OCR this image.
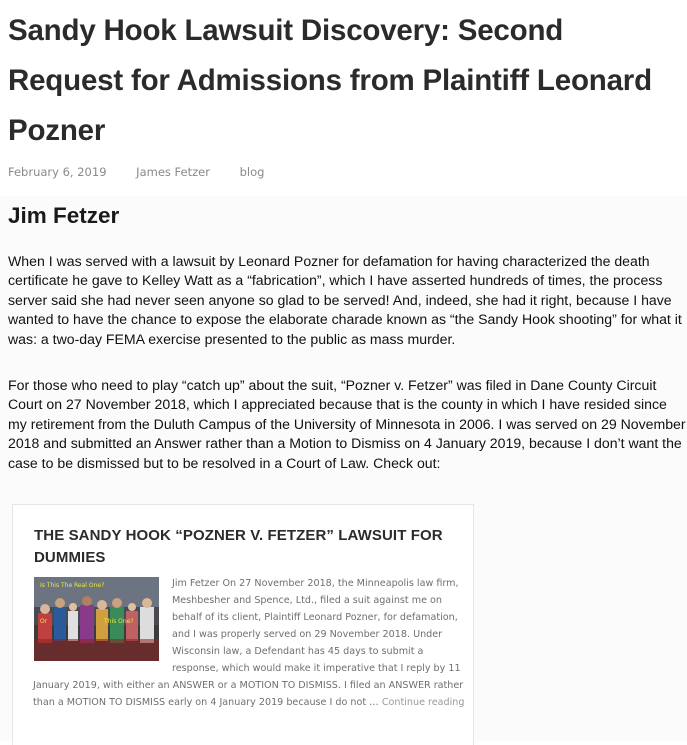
Sandy Hook Lawsuit Discovery: Second Request for Admissions from Plaintiff Leonard Pozner
February 6, 2019	James Fetzer	blog
Jim Fetzer

When I was served with a lawsuit by Leonard Pozner for defamation for having characterized the death certificate he gave to Kelley Watt as a “fabrication”, which I have asserted hundreds of times, the process server said she had never seen anyone so glad to be served! And, indeed, she had it right, because I have wanted to have the chance to expose the elaborate charade known as “the Sandy Hook shooting” for what it was: a two-day FEMA exercise presented to the public as mass murder.

For those who need to play “catch up” about the suit, “Pozner v. Fetzer” was filed in Dane County Circuit Court on 27 November 2018, which I appreciated because that is the county in which I have resided since my retirement from the Duluth Campus of the University of Minnesota in 2006. I was served on 29 November 2018 and submitted an Answer rather than a Motion to Dismiss on 4 January 2019, because I don’t want the case to be dismissed but to be resolved in a Court of Law. Check out:

THE SANDY HOOK “POZNER V. FETZER” LAWSUIT FOR DUMMIES
Is This The Real One?
Or	This One?

Jim Fetzer On 27 November 2018, the Minneapolis law firm, Meshbesher and Spence, Ltd., filed a suit against me on behalf of its client, Plaintiff Leonard Pozner, for defamation, and I was properly served on 29 November 2018. Under Wisconsin law, a Defendant has 45 days to submit a response, which would make it imperative that I reply by 11 January 2019, with either an ANSWER or a MOTION TO DISMISS. I filed an ANSWER rather than a MOTION TO DISMISS early on 4 January 2019 because I do not … Continue reading
